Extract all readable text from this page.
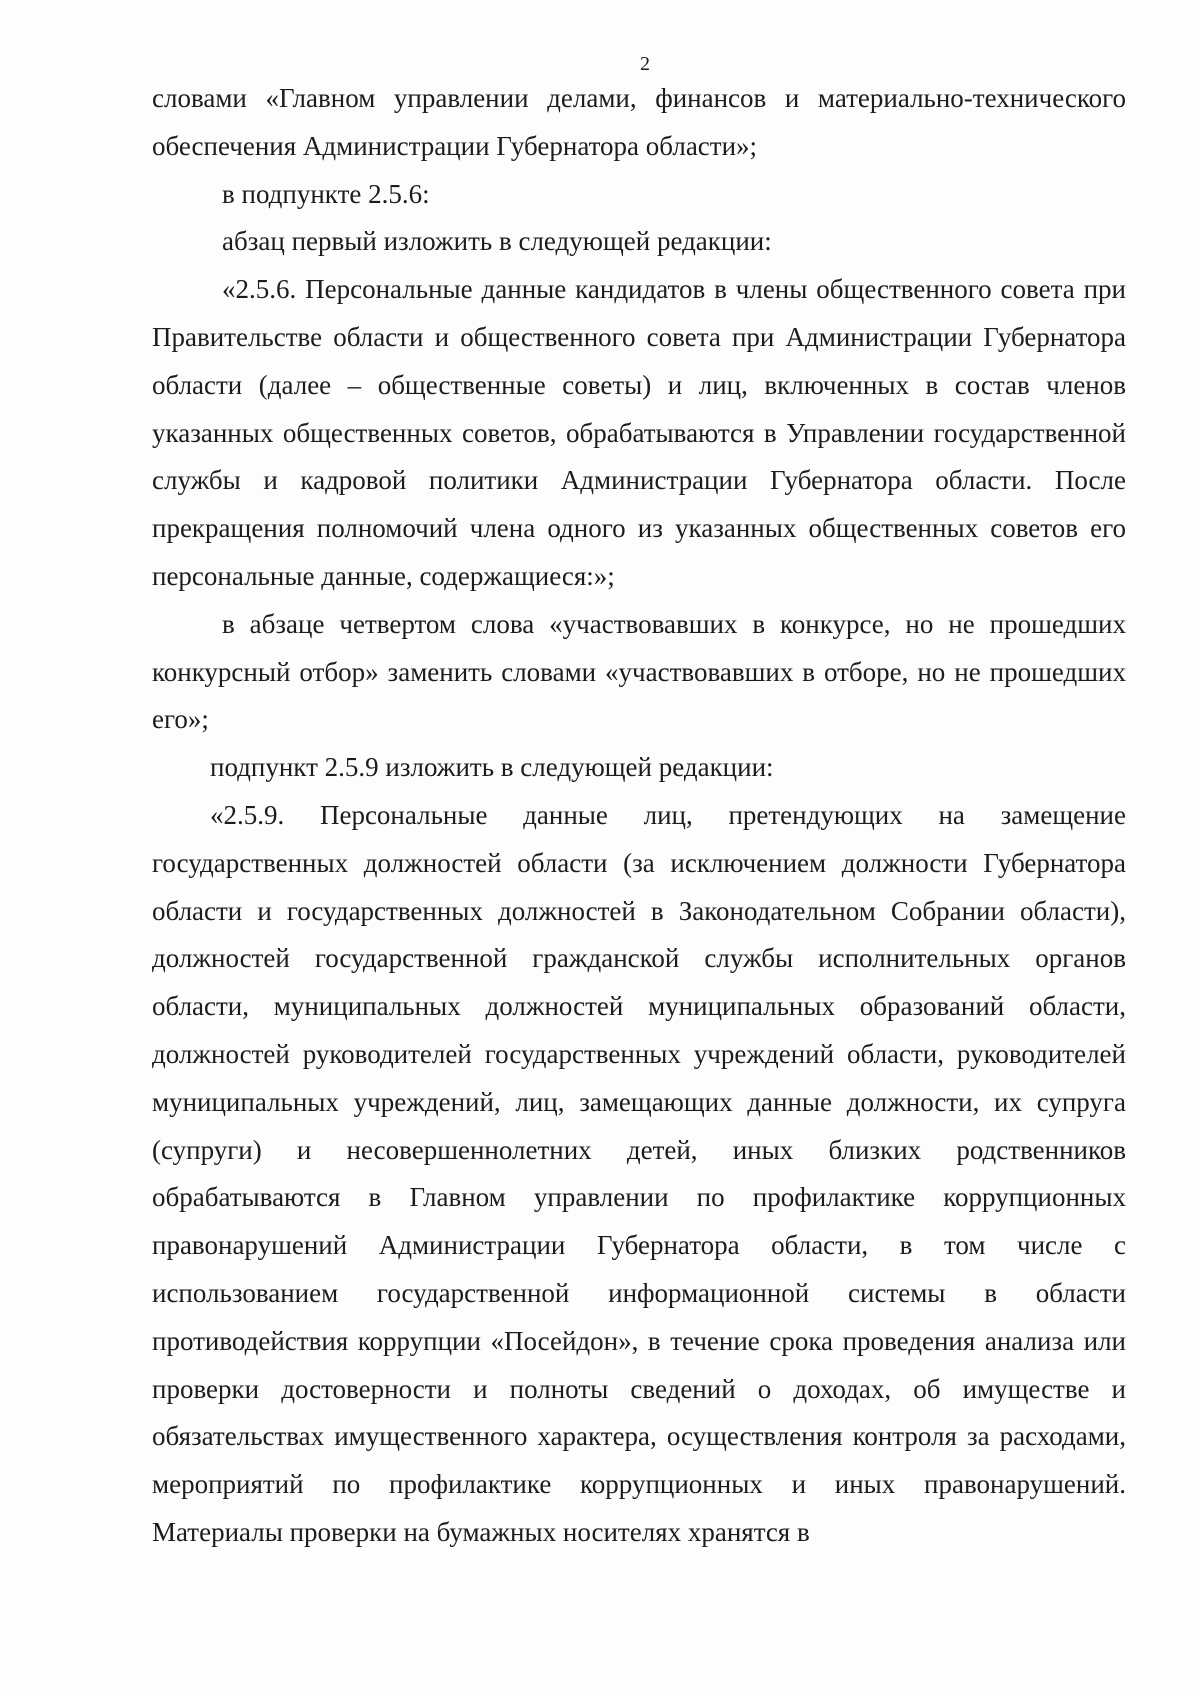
2

словами «Главном управлении делами, финансов и материально-технического обеспечения Администрации Губернатора области»;

в подпункте 2.5.6:

абзац первый изложить в следующей редакции:

«2.5.6. Персональные данные кандидатов в члены общественного совета при Правительстве области и общественного совета при Администрации Губернатора области (далее – общественные советы) и лиц, включенных в состав членов указанных общественных советов, обрабатываются в Управлении государственной службы и кадровой политики Администрации Губернатора области. После прекращения полномочий члена одного из указанных общественных советов его персональные данные, содержащиеся:»;

в абзаце четвертом слова «участвовавших в конкурсе, но не прошедших конкурсный отбор» заменить словами «участвовавших в отборе, но не прошедших его»;

подпункт 2.5.9 изложить в следующей редакции:

«2.5.9. Персональные данные лиц, претендующих на замещение государственных должностей области (за исключением должности Губернатора области и государственных должностей в Законодательном Собрании области), должностей государственной гражданской службы исполнительных органов области, муниципальных должностей муниципальных образований области, должностей руководителей государственных учреждений области, руководителей муниципальных учреждений, лиц, замещающих данные должности, их супруга (супруги) и несовершеннолетних детей, иных близких родственников обрабатываются в Главном управлении по профилактике коррупционных правонарушений Администрации Губернатора области, в том числе с использованием государственной информационной системы в области противодействия коррупции «Посейдон», в течение срока проведения анализа или проверки достоверности и полноты сведений о доходах, об имуществе и обязательствах имущественного характера, осуществления контроля за расходами, мероприятий по профилактике коррупционных и иных правонарушений. Материалы проверки на бумажных носителях хранятся в
